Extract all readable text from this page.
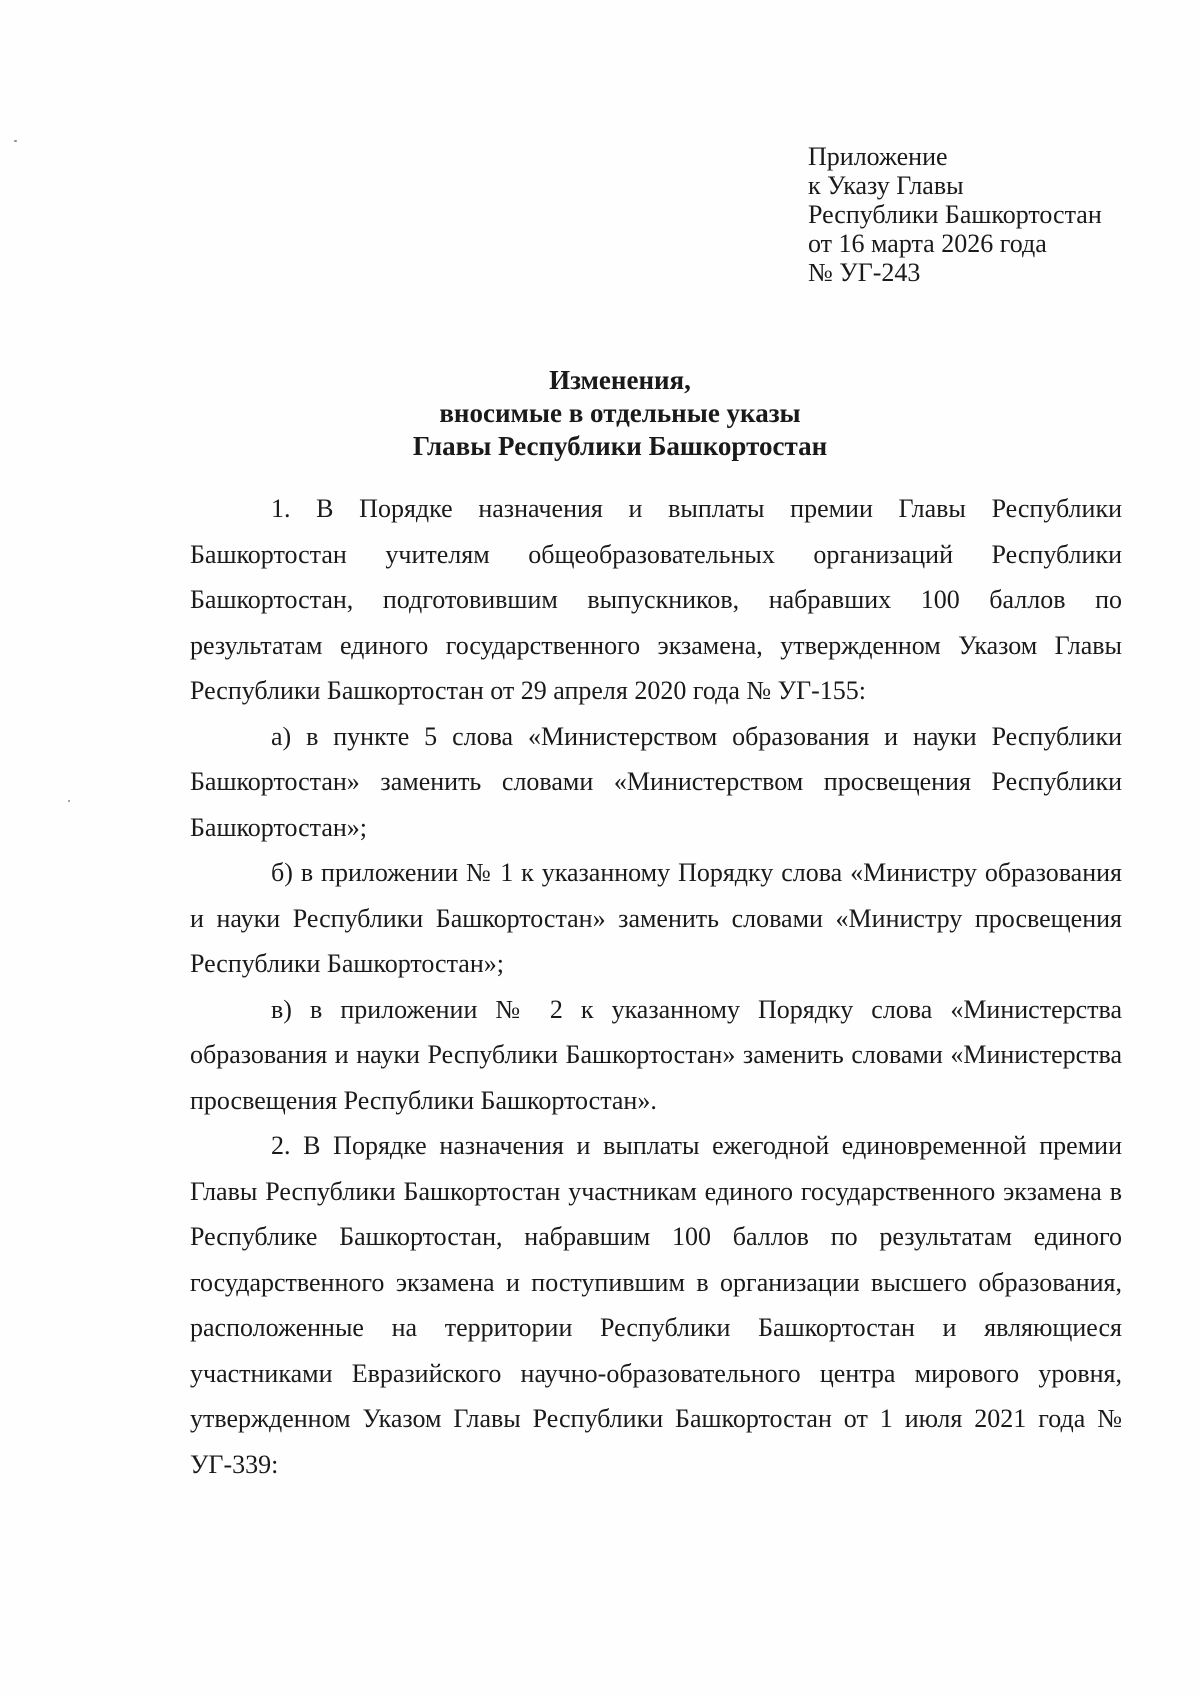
Приложение
к Указу Главы
Республики Башкортостан
от 16 марта 2026 года
№ УГ-243
Изменения,
вносимые в отдельные указы
Главы Республики Башкортостан

1. В Порядке назначения и выплаты премии Главы Республики Башкортостан учителям общеобразовательных организаций Республики Башкортостан, подготовившим выпускников, набравших 100 баллов по результатам единого государственного экзамена, утвержденном Указом Главы Республики Башкортостан от 29 апреля 2020 года № УГ-155:

а) в пункте 5 слова «Министерством образования и науки Республики Башкортостан» заменить словами «Министерством просвещения Республики Башкортостан»;

б) в приложении № 1 к указанному Порядку слова «Министру образования и науки Республики Башкортостан» заменить словами «Министру просвещения Республики Башкортостан»;

в) в приложении № 2 к указанному Порядку слова «Министерства образования и науки Республики Башкортостан» заменить словами «Министерства просвещения Республики Башкортостан».

2. В Порядке назначения и выплаты ежегодной единовременной премии Главы Республики Башкортостан участникам единого государственного экзамена в Республике Башкортостан, набравшим 100 баллов по результатам единого государственного экзамена и поступившим в организации высшего образования, расположенные на территории Республики Башкортостан и являющиеся участниками Евразийского научно-образовательного центра мирового уровня, утвержденном Указом Главы Республики Башкортостан от 1 июля 2021 года № УГ-339:
